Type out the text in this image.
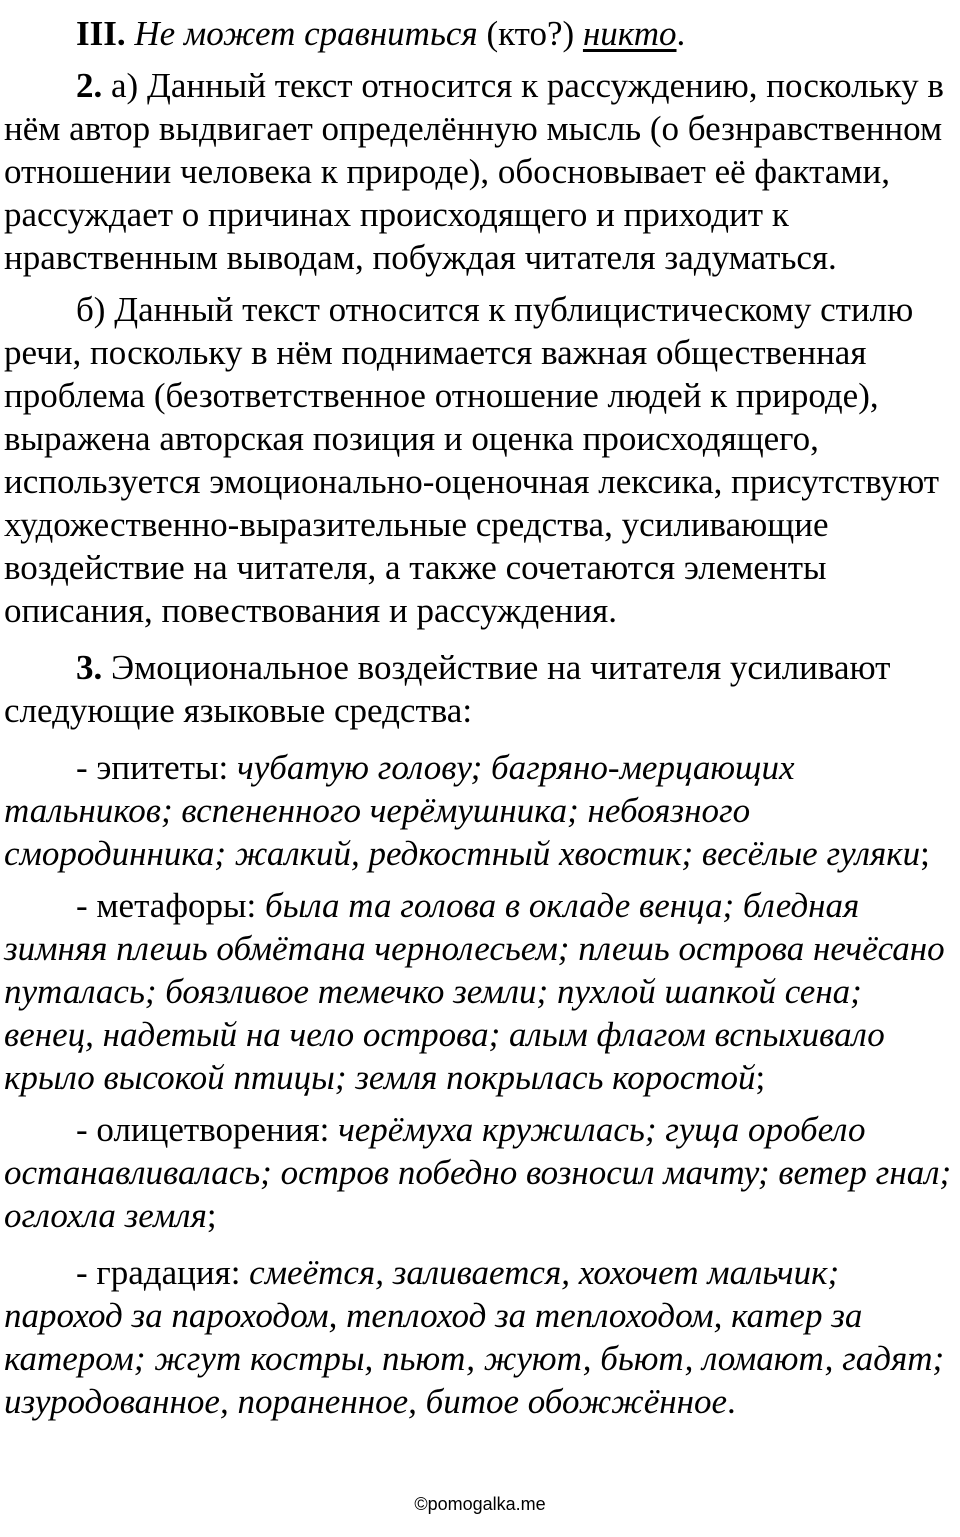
III. Не может сравниться (кто?) никто.

2. а) Данный текст относится к рассуждению, поскольку в нём автор выдвигает определённую мысль (о безнравственном отношении человека к природе), обосновывает её фактами, рассуждает о причинах происходящего и приходит к нравственным выводам, побуждая читателя задуматься.

б) Данный текст относится к публицистическому стилю речи, поскольку в нём поднимается важная общественная проблема (безответственное отношение людей к природе), выражена авторская позиция и оценка происходящего, используется эмоционально-оценочная лексика, присутствуют художественно-выразительные средства, усиливающие воздействие на читателя, а также сочетаются элементы описания, повествования и рассуждения.

3. Эмоциональное воздействие на читателя усиливают следующие языковые средства:

- эпитеты: чубатую голову; багряно-мерцающих тальников; вспененного черёмушника; небоязного смородинника; жалкий, редкостный хвостик; весёлые гуляки;

- метафоры: была та голова в окладе венца; бледная зимняя плешь обмётана чернолесьем; плешь острова нечёсано путалась; боязливое темечко земли; пухлой шапкой сена; венец, надетый на чело острова; алым флагом вспыхивало крыло высокой птицы; земля покрылась коростой;

- олицетворения: черёмуха кружилась; гуща оробело останавливалась; остров победно возносил мачту; ветер гнал; оглохла земля;

- градация: смеётся, заливается, хохочет мальчик; пароход за пароходом, теплоход за теплоходом, катер за катером; жгут костры, пьют, жуют, бьют, ломают, гадят; изуродованное, пораненное, битое обожжённое.

©pomogalka.me
